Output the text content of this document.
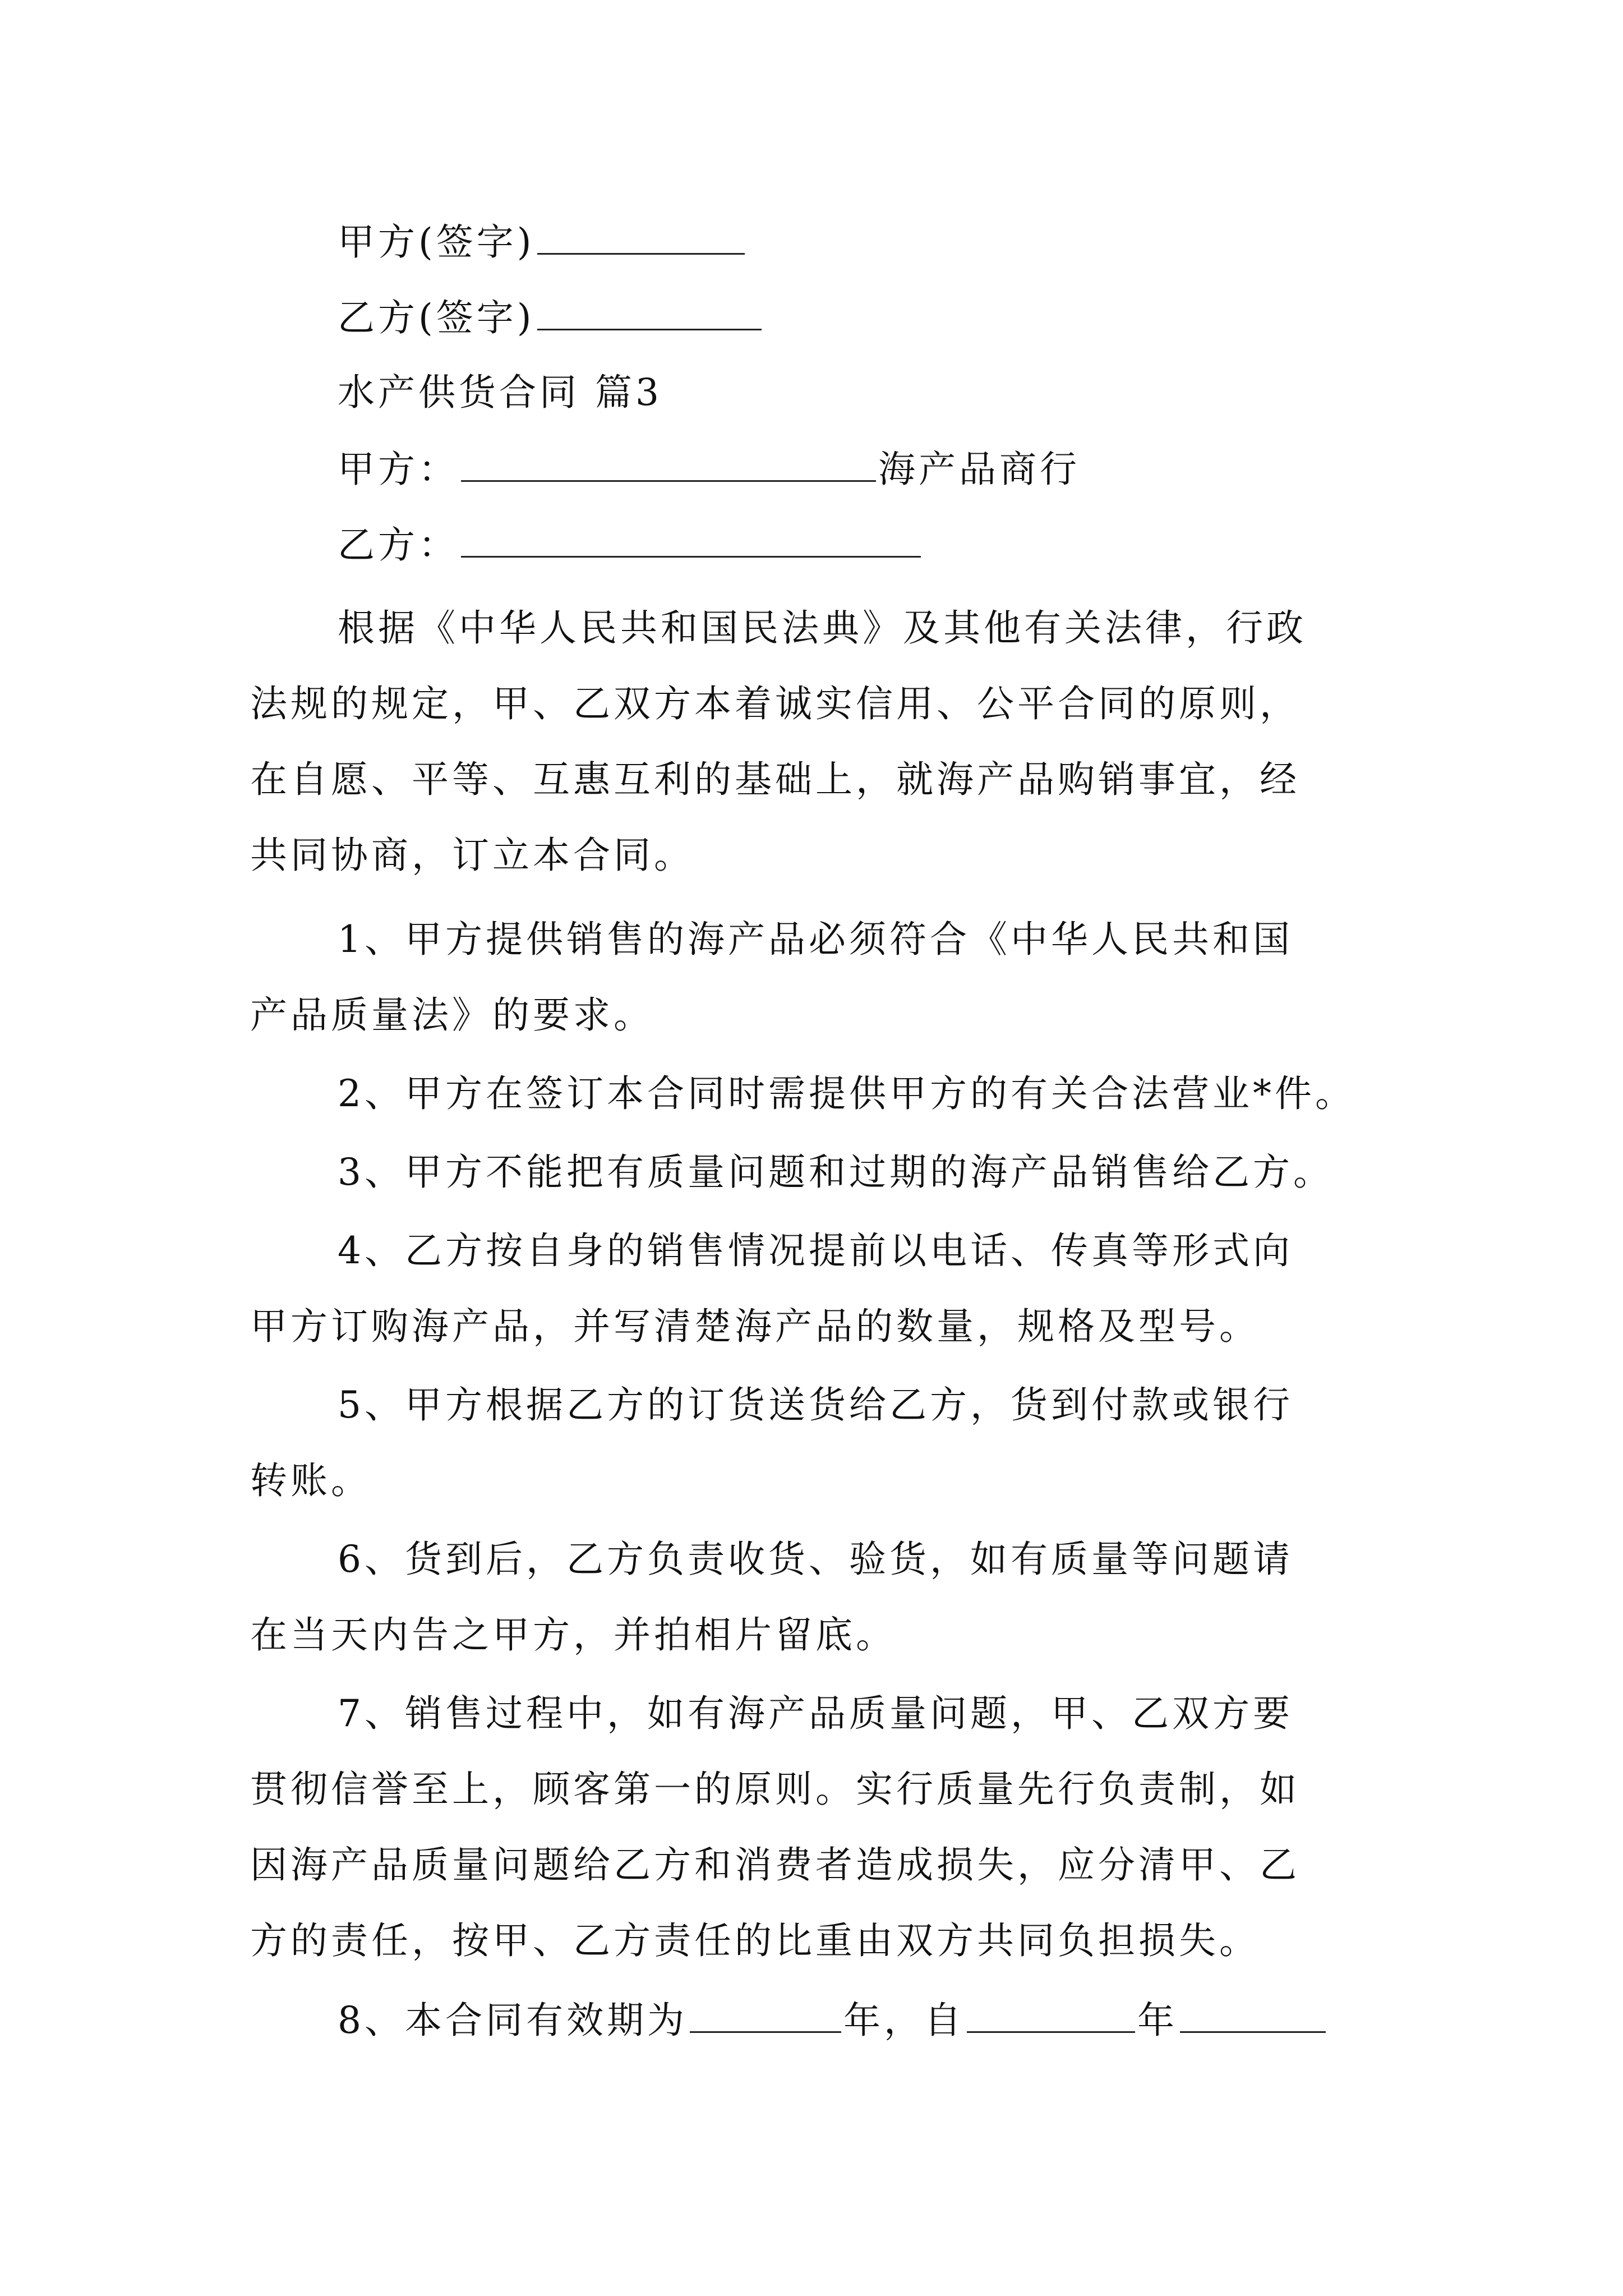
甲方(签字)
乙方(签字)
水产供货合同 篇3
甲方：	海产品商行
乙方：
根据《中华人民共和国民法典》及其他有关法律，行政
法规的规定，甲、乙双方本着诚实信用、公平合同的原则，
在自愿、平等、互惠互利的基础上，就海产品购销事宜，经
共同协商，订立本合同。
1、甲方提供销售的海产品必须符合《中华人民共和国
产品质量法》的要求。
2、甲方在签订本合同时需提供甲方的有关合法营业*件。
3、甲方不能把有质量问题和过期的海产品销售给乙方。
4、乙方按自身的销售情况提前以电话、传真等形式向
甲方订购海产品，并写清楚海产品的数量，规格及型号。
5、甲方根据乙方的订货送货给乙方，货到付款或银行
转账。
6、货到后，乙方负责收货、验货，如有质量等问题请
在当天内告之甲方，并拍相片留底。
7、销售过程中，如有海产品质量问题，甲、乙双方要
贯彻信誉至上，顾客第一的原则。实行质量先行负责制，如
因海产品质量问题给乙方和消费者造成损失，应分清甲、乙
方的责任，按甲、乙方责任的比重由双方共同负担损失。
8、本合同有效期为	年，自	年
